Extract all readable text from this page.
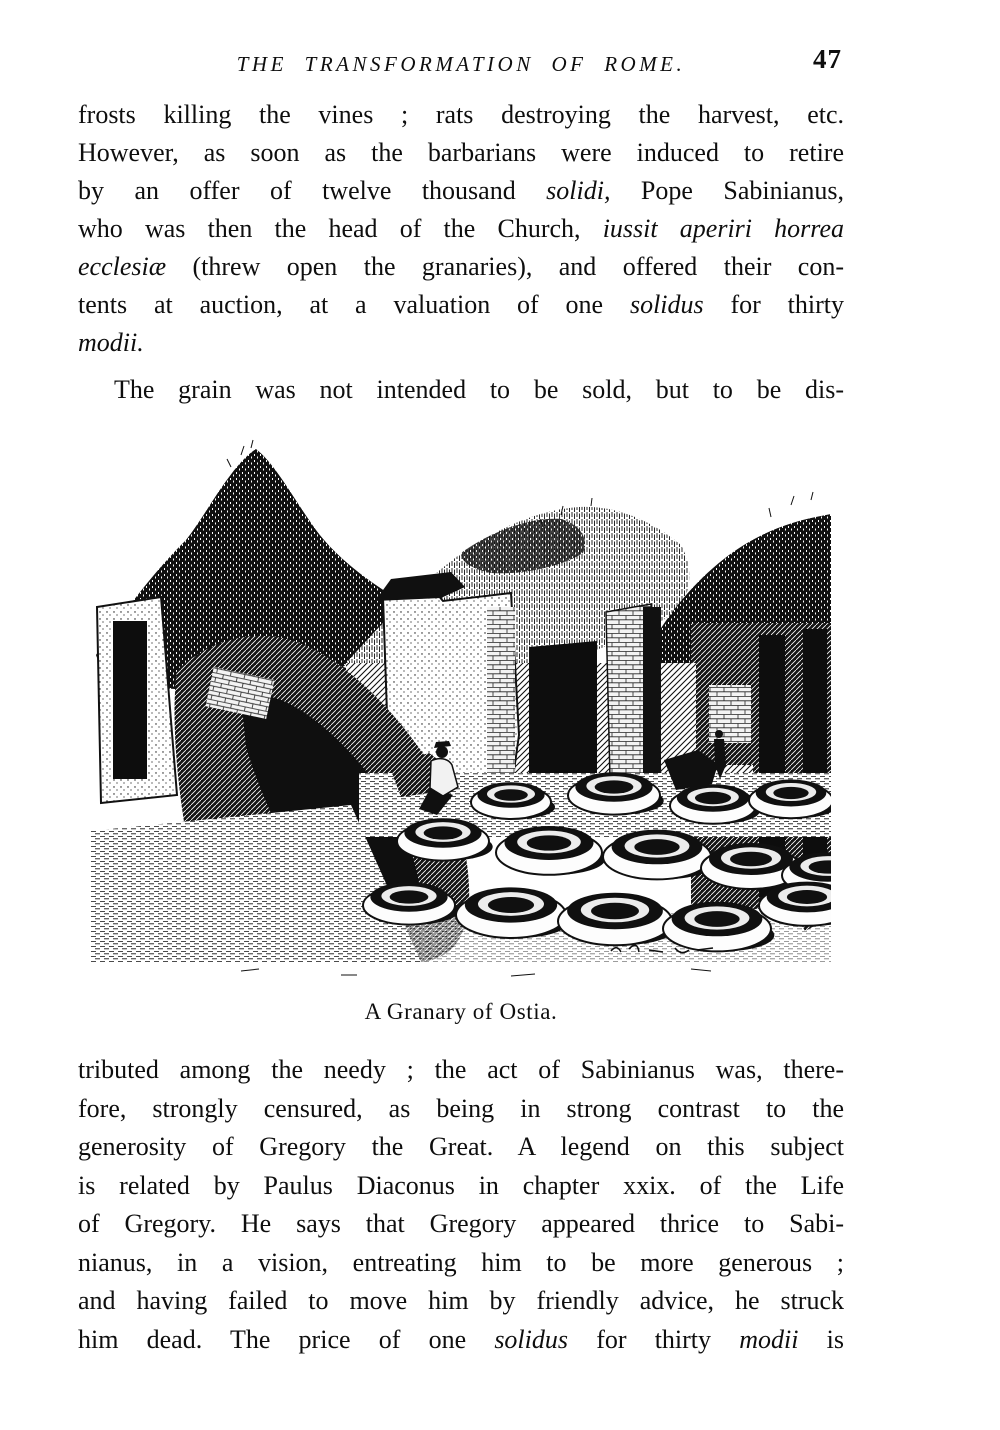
THE TRANSFORMATION OF ROME.	47
frosts killing the vines ; rats destroying the harvest, etc.
However, as soon as the barbarians were induced to retire
by an offer of twelve thousand solidi, Pope Sabinianus,
who was then the head of the Church, iussit aperiri horrea
ecclesiæ (threw open the granaries), and offered their con-
tents at auction, at a valuation of one solidus for thirty
modii.
The grain was not intended to be sold, but to be dis-
A Granary of Ostia.
tributed among the needy ; the act of Sabinianus was, there-
fore, strongly censured, as being in strong contrast to the
generosity of Gregory the Great. A legend on this subject
is related by Paulus Diaconus in chapter xxix. of the Life
of Gregory. He says that Gregory appeared thrice to Sabi-
nianus, in a vision, entreating him to be more generous ;
and having failed to move him by friendly advice, he struck
him dead. The price of one solidus for thirty modii is
